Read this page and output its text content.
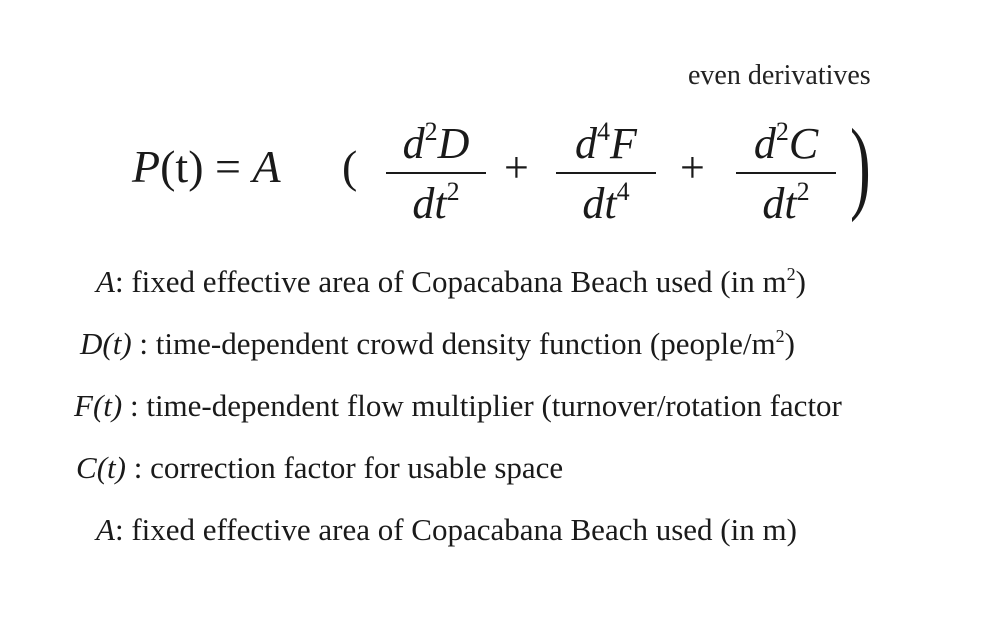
even derivatives
P(t) = A (	$d^2D$
$dt^2$	+	$d^4F$
$dt^4$	+	$d^2C$
$dt^2$ )
A: fixed effective area of Copacabana Beach used (in $m^2$)
D(t) : time-dependent crowd density function $(people/m^2)$
F(t) : time-dependent flow multiplier (turnover/rotation factor
C(t) : correction factor for usable space
A: fixed effective area of Copacabana Beach used (in m)
